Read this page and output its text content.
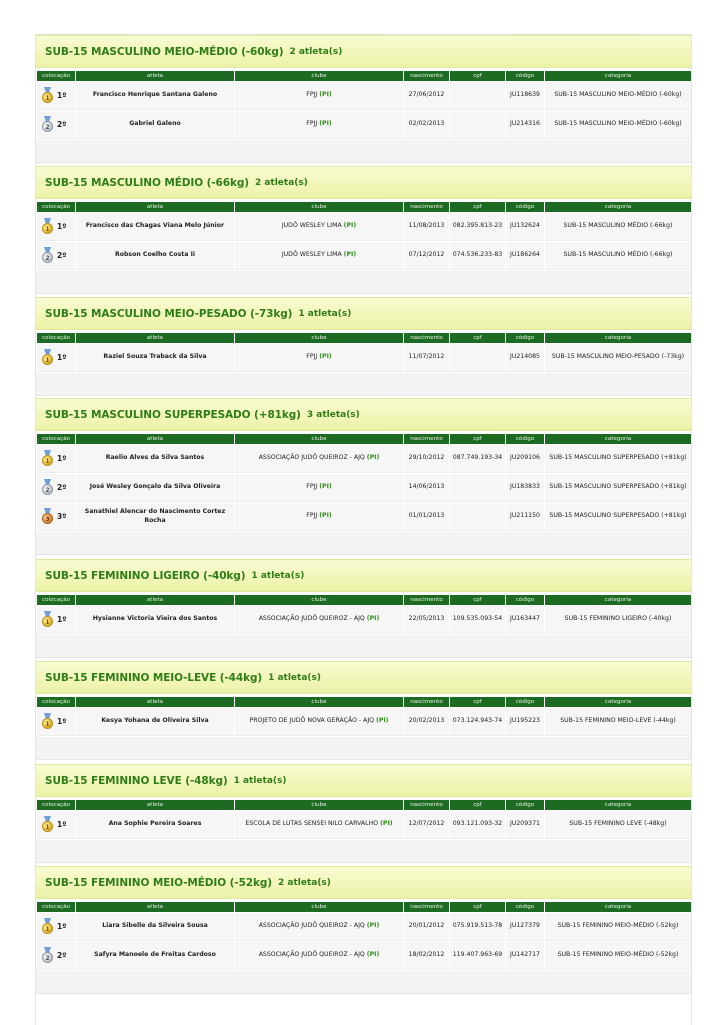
SUB-15 MASCULINO MEIO-MÉDIO (-60kg) 2 atleta(s)
colocação	atleta	clube	nascimento	cpf	código	categoria

1 1º	Francisco Henrique Santana Galeno	FPJJ (PI)	27/06/2012		JU118639	SUB-15 MASCULINO MEIO-MÉDIO (-60kg)

2 2º	Gabriel Galeno	FPJJ (PI)	02/02/2013		JU214316	SUB-15 MASCULINO MEIO-MÉDIO (-60kg)
SUB-15 MASCULINO MÉDIO (-66kg) 2 atleta(s)
colocação	atleta	clube	nascimento	cpf	código	categoria

1 1º	Francisco das Chagas Viana Melo Júnior	JUDÔ WESLEY LIMA (PI)	11/08/2013	082.395.813-23	JU132624	SUB-15 MASCULINO MÉDIO (-66kg)

2 2º	Robson Coelho Costa Ii	JUDÔ WESLEY LIMA (PI)	07/12/2012	074.536.233-83	JU186264	SUB-15 MASCULINO MÉDIO (-66kg)
SUB-15 MASCULINO MEIO-PESADO (-73kg) 1 atleta(s)
colocação	atleta	clube	nascimento	cpf	código	categoria

1 1º	Raziel Souza Traback da Silva	FPJJ (PI)	11/07/2012		JU214085	SUB-15 MASCULINO MEIO-PESADO (-73kg)
SUB-15 MASCULINO SUPERPESADO (+81kg) 3 atleta(s)
colocação	atleta	clube	nascimento	cpf	código	categoria

1 1º	Raelio Alves da Silva Santos	ASSOCIAÇÃO JUDÔ QUEIROZ - AJQ (PI)	29/10/2012	087.749.193-34	JU209106	SUB-15 MASCULINO SUPERPESADO (+81kg)

2 2º	José Wesley Gonçalo da Silva Oliveira	FPJJ (PI)	14/06/2013		JU183833	SUB-15 MASCULINO SUPERPESADO (+81kg)

3 3º	Sanathiel Alencar do Nascimento Cortez Rocha	FPJJ (PI)	01/01/2013		JU211150	SUB-15 MASCULINO SUPERPESADO (+81kg)
SUB-15 FEMININO LIGEIRO (-40kg) 1 atleta(s)
colocação	atleta	clube	nascimento	cpf	código	categoria

1 1º	Hysianne Victoria Vieira dos Santos	ASSOCIAÇÃO JUDÔ QUEIROZ - AJQ (PI)	22/05/2013	109.535.093-54	JU163447	SUB-15 FEMININO LIGEIRO (-40kg)
SUB-15 FEMININO MEIO-LEVE (-44kg) 1 atleta(s)
colocação	atleta	clube	nascimento	cpf	código	categoria

1 1º	Kesya Yohana de Oliveira Silva	PROJETO DE JUDÔ NOVA GERAÇÃO - AJQ (PI)	20/02/2013	073.124.943-74	JU195223	SUB-15 FEMININO MEIO-LEVE (-44kg)
SUB-15 FEMININO LEVE (-48kg) 1 atleta(s)
colocação	atleta	clube	nascimento	cpf	código	categoria

1 1º	Ana Sophie Pereira Soares	ESCOLA DE LUTAS SENSEI NILO CARVALHO (PI)	12/07/2012	093.121.093-32	JU209371	SUB-15 FEMININO LEVE (-48kg)
SUB-15 FEMININO MEIO-MÉDIO (-52kg) 2 atleta(s)
colocação	atleta	clube	nascimento	cpf	código	categoria

1 1º	Liara Sibelle da Silveira Sousa	ASSOCIAÇÃO JUDÔ QUEIROZ - AJQ (PI)	20/01/2012	075.919.513-78	JU127379	SUB-15 FEMININO MEIO-MÉDIO (-52kg)

2 2º	Safyra Manoele de Freitas Cardoso	ASSOCIAÇÃO JUDÔ QUEIROZ - AJQ (PI)	18/02/2012	119.407.963-69	JU142717	SUB-15 FEMININO MEIO-MÉDIO (-52kg)
